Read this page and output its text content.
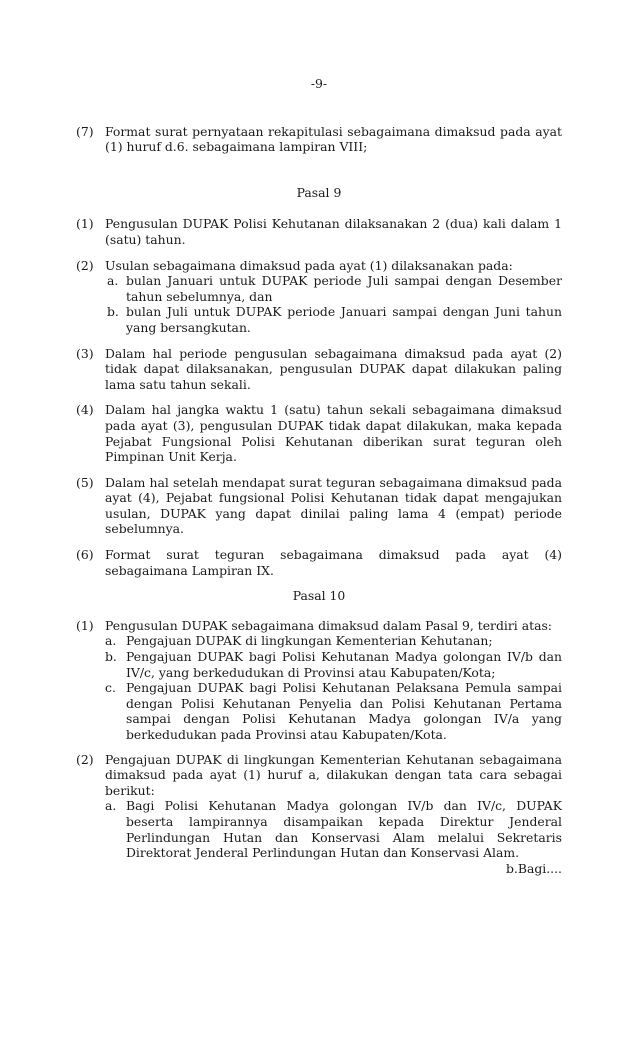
-9-

(7) Format surat pernyataan rekapitulasi sebagaimana dimaksud pada ayat (1) huruf d.6. sebagaimana lampiran VIII;

Pasal 9

(1) Pengusulan DUPAK Polisi Kehutanan dilaksanakan 2 (dua) kali dalam 1 (satu) tahun.
(2) Usulan sebagaimana dimaksud pada ayat (1) dilaksanakan pada:
a. bulan Januari untuk DUPAK periode Juli sampai dengan Desember tahun sebelumnya, dan
b. bulan Juli untuk DUPAK periode Januari sampai dengan Juni tahun yang bersangkutan.
(3) Dalam hal periode pengusulan sebagaimana dimaksud pada ayat (2) tidak dapat dilaksanakan, pengusulan DUPAK dapat dilakukan paling lama satu tahun sekali.
(4) Dalam hal jangka waktu 1 (satu) tahun sekali sebagaimana dimaksud pada ayat (3), pengusulan DUPAK tidak dapat dilakukan, maka kepada Pejabat Fungsional Polisi Kehutanan diberikan surat teguran oleh Pimpinan Unit Kerja.
(5) Dalam hal setelah mendapat surat teguran sebagaimana dimaksud pada ayat (4), Pejabat fungsional Polisi Kehutanan tidak dapat mengajukan usulan, DUPAK yang dapat dinilai paling lama 4 (empat) periode sebelumnya.
(6) Format surat teguran sebagaimana dimaksud pada ayat (4) sebagaimana Lampiran IX.

Pasal 10

(1) Pengusulan DUPAK sebagaimana dimaksud dalam Pasal 9, terdiri atas:
a. Pengajuan DUPAK di lingkungan Kementerian Kehutanan;
b. Pengajuan DUPAK bagi Polisi Kehutanan Madya golongan IV/b dan IV/c, yang berkedudukan di Provinsi atau Kabupaten/Kota;
c. Pengajuan DUPAK bagi Polisi Kehutanan Pelaksana Pemula sampai dengan Polisi Kehutanan Penyelia dan Polisi Kehutanan Pertama sampai dengan Polisi Kehutanan Madya golongan IV/a yang berkedudukan pada Provinsi atau Kabupaten/Kota.
(2) Pengajuan DUPAK di lingkungan Kementerian Kehutanan sebagaimana dimaksud pada ayat (1) huruf a, dilakukan dengan tata cara sebagai berikut:
a. Bagi Polisi Kehutanan Madya golongan IV/b dan IV/c, DUPAK beserta lampirannya disampaikan kepada Direktur Jenderal Perlindungan Hutan dan Konservasi Alam melalui Sekretaris Direktorat Jenderal Perlindungan Hutan dan Konservasi Alam.

b.Bagi....
